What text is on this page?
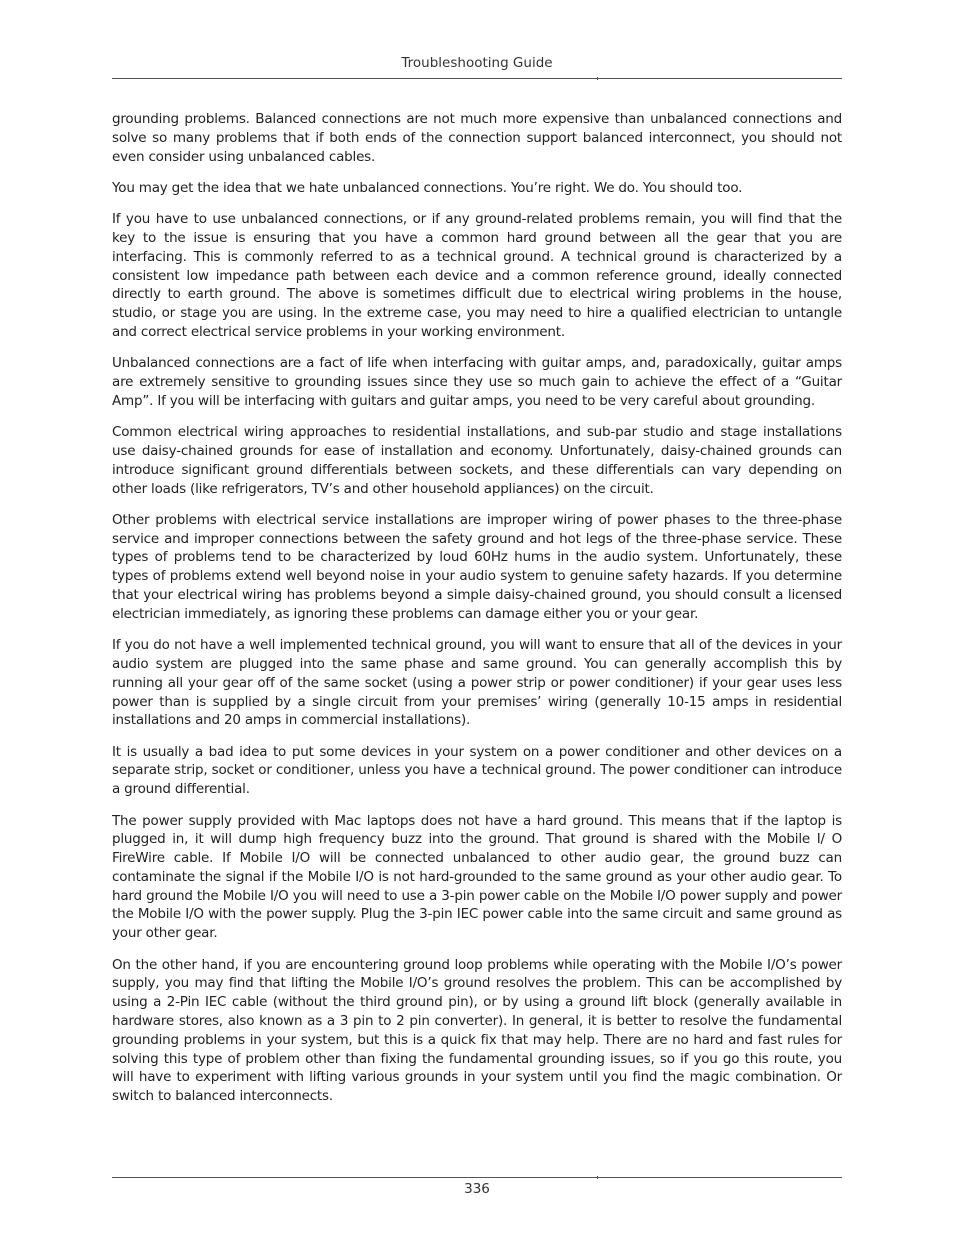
Troubleshooting Guide

grounding problems. Balanced connections are not much more expensive than unbalanced connections and solve so many problems that if both ends of the connection support balanced interconnect, you should not even consider using unbalanced cables.

You may get the idea that we hate unbalanced connections. You’re right. We do. You should too.

If you have to use unbalanced connections, or if any ground-related problems remain, you will find that the key to the issue is ensuring that you have a common hard ground between all the gear that you are interfacing. This is commonly referred to as a technical ground. A technical ground is characterized by a consistent low impedance path between each device and a common reference ground, ideally connected directly to earth ground. The above is sometimes difficult due to electrical wiring problems in the house, studio, or stage you are using. In the extreme case, you may need to hire a qualified electrician to untangle and correct electrical service problems in your working environment.

Unbalanced connections are a fact of life when interfacing with guitar amps, and, paradoxically, guitar amps are extremely sensitive to grounding issues since they use so much gain to achieve the effect of a “Guitar Amp”. If you will be interfacing with guitars and guitar amps, you need to be very careful about grounding.

Common electrical wiring approaches to residential installations, and sub-par studio and stage installations use daisy-chained grounds for ease of installation and economy. Unfortunately, daisy-chained grounds can introduce significant ground differentials between sockets, and these differentials can vary depending on other loads (like refrigerators, TV’s and other household appliances) on the circuit.

Other problems with electrical service installations are improper wiring of power phases to the three-phase service and improper connections between the safety ground and hot legs of the three-phase service. These types of problems tend to be characterized by loud 60Hz hums in the audio system. Unfortunately, these types of problems extend well beyond noise in your audio system to genuine safety hazards. If you determine that your electrical wiring has problems beyond a simple daisy-chained ground, you should consult a licensed electrician immediately, as ignoring these problems can damage either you or your gear.

If you do not have a well implemented technical ground, you will want to ensure that all of the devices in your audio system are plugged into the same phase and same ground. You can generally accomplish this by running all your gear off of the same socket (using a power strip or power conditioner) if your gear uses less power than is supplied by a single circuit from your premises’ wiring (generally 10-15 amps in residential installations and 20 amps in commercial installations).

It is usually a bad idea to put some devices in your system on a power conditioner and other devices on a separate strip, socket or conditioner, unless you have a technical ground. The power conditioner can introduce a ground differential.

The power supply provided with Mac laptops does not have a hard ground. This means that if the laptop is plugged in, it will dump high frequency buzz into the ground. That ground is shared with the Mobile I/ O FireWire cable. If Mobile I/O will be connected unbalanced to other audio gear, the ground buzz can contaminate the signal if the Mobile I/O is not hard-grounded to the same ground as your other audio gear. To hard ground the Mobile I/O you will need to use a 3-pin power cable on the Mobile I/O power supply and power the Mobile I/O with the power supply. Plug the 3-pin IEC power cable into the same circuit and same ground as your other gear.

On the other hand, if you are encountering ground loop problems while operating with the Mobile I/O’s power supply, you may find that lifting the Mobile I/O’s ground resolves the problem. This can be accomplished by using a 2-Pin IEC cable (without the third ground pin), or by using a ground lift block (generally available in hardware stores, also known as a 3 pin to 2 pin converter). In general, it is better to resolve the fundamental grounding problems in your system, but this is a quick fix that may help. There are no hard and fast rules for solving this type of problem other than fixing the fundamental grounding issues, so if you go this route, you will have to experiment with lifting various grounds in your system until you find the magic combination. Or switch to balanced interconnects.

336
